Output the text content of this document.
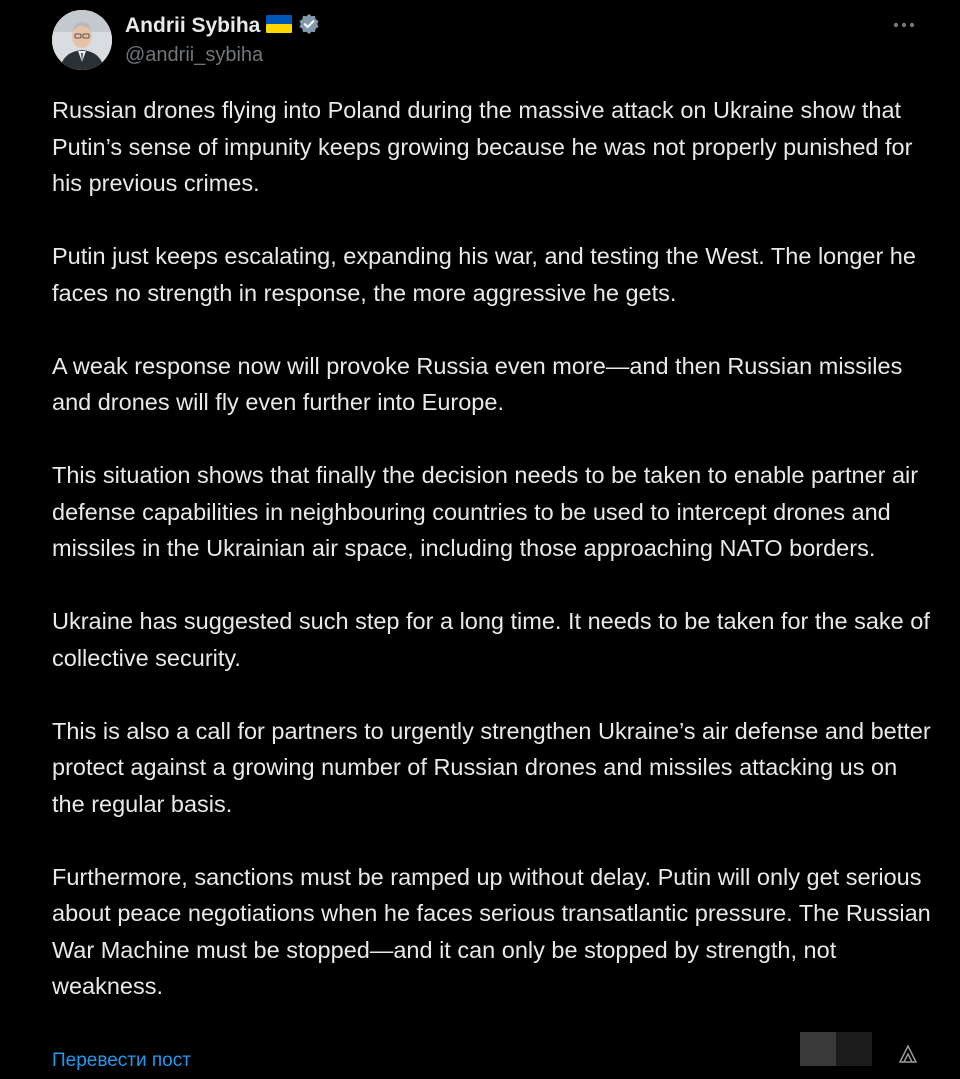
Andrii Sybiha
@andrii_sybiha

Russian drones flying into Poland during the massive attack on Ukraine show that Putin’s sense of impunity keeps growing because he was not properly punished for his previous crimes.

Putin just keeps escalating, expanding his war, and testing the West. The longer he faces no strength in response, the more aggressive he gets.

A weak response now will provoke Russia even more—and then Russian missiles and drones will fly even further into Europe.

This situation shows that finally the decision needs to be taken to enable partner air defense capabilities in neighbouring countries to be used to intercept drones and missiles in the Ukrainian air space, including those approaching NATO borders.

Ukraine has suggested such step for a long time. It needs to be taken for the sake of collective security.

This is also a call for partners to urgently strengthen Ukraine’s air defense and better protect against a growing number of Russian drones and missiles attacking us on the regular basis.

Furthermore, sanctions must be ramped up without delay. Putin will only get serious about peace negotiations when he faces serious transatlantic pressure. The Russian War Machine must be stopped—and it can only be stopped by strength, not weakness.

Перевести пост
